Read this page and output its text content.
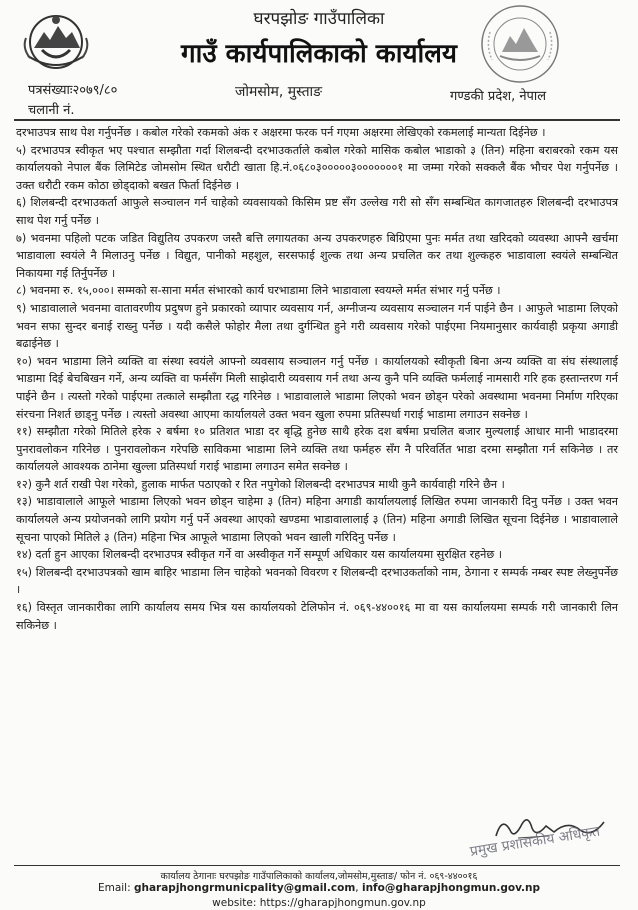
घरपझोङ गाउँपालिका
गाउँ कार्यपालिकाको कार्यालय
पत्रसंख्याः२०७९/८०
चलानी नं.
जोमसोम, मुस्ताङ	गण्डकी प्रदेश, नेपाल

दरभाउपत्र साथ पेश गर्नुपर्नेछ । कबोल गरेको रकमको अंक र अक्षरमा फरक पर्न गएमा अक्षरमा लेखिएको रकमलाई मान्यता दिईनेछ ।

५) दरभाउपत्र स्वीकृत भए पश्चात सम्झौता गर्दा शिलबन्दी दरभाउकर्ताले कबोल गरेको मासिक कबोल भाडाको ३ (तिन) महिना बराबरको रकम यस कार्यालयको नेपाल बैंक लिमिटेड जोमसोम स्थित धरौटी खाता हि.नं.०६८०३०००००३०००००००१ मा जम्मा गरेको सक्कलै बैंक भौचर पेश गर्नुपर्नेछ । उक्त धरौटी रकम कोठा छोड्दाको बखत फिर्ता दिईनेछ ।

६) शिलबन्दी दरभाउकर्ता आफुले सञ्चालन गर्न चाहेको व्यवसायको किसिम प्रष्ट सँग उल्लेख गरी सो सँग सम्बन्धित कागजातहरु शिलबन्दी दरभाउपत्र साथ पेश गर्नु पर्नेछ ।

७) भवनमा पहिलो पटक जडित विद्युतिय उपकरण जस्तै बत्ति लगायतका अन्य उपकरणहरु बिग्रिएमा पुनः मर्मत तथा खरिदको व्यवस्था आफ्नै खर्चमा भाडावाला स्वयंले नै मिलाउनु पर्नेछ । विद्युत, पानीको महशुल, सरसफाई शुल्क तथा अन्य प्रचलित कर तथा शुल्कहरु भाडावाला स्वयंले सम्बन्धित निकायमा गई तिर्नुपर्नेछ ।

८) भवनमा रु. १५,०००। सम्मको स-साना मर्मत संभारको कार्य घरभाडामा लिने भाडावाला स्वयम्ले मर्मत संभार गर्नु पर्नेछ ।

९) भाडावालाले भवनमा वातावरणीय प्रदुषण हुने प्रकारको व्यापार व्यवसाय गर्न, अग्नीजन्य व्यवसाय सञ्चालन गर्न पाईने छैन । आफुले भाडामा लिएको भवन सफा सुन्दर बनाई राख्नु पर्नेछ । यदी कसैले फोहोर मैला तथा दुर्गन्धित हुने गरी व्यवसाय गरेको पाईएमा नियमानुसार कार्यवाही प्रकृया अगाडी बढाईनेछ ।

१०) भवन भाडामा लिने व्यक्ति वा संस्था स्वयंले आफ्नो व्यवसाय सञ्चालन गर्नु पर्नेछ । कार्यालयको स्वीकृती बिना अन्य व्यक्ति वा संघ संस्थालाई भाडामा दिई बेचबिखन गर्ने, अन्य व्यक्ति वा फर्मसँग मिली साझेदारी व्यवसाय गर्न तथा अन्य कुनै पनि व्यक्ति फर्मलाई नामसारी गरि हक हस्तान्तरण गर्न पाईने छैन । त्यस्तो गरेको पाईएमा तत्काले सम्झौता रद्ध गरिनेछ । भाडावालाले भाडामा लिएको भवन छोड्न परेको अवस्थामा भवनमा निर्माण गरिएका संरचना निशर्त छाड्नु पर्नेछ । त्यस्तो अवस्था आएमा कार्यालयले उक्त भवन खुला रुपमा प्रतिस्पर्धा गराई भाडामा लगाउन सक्नेछ ।

११) सम्झौता गरेको मितिले हरेक २ बर्षमा १० प्रतिशत भाडा दर बृद्धि हुनेछ साथै हरेक दश बर्षमा प्रचलित बजार मुल्यलाई आधार मानी भाडादरमा पुनरावलोकन गरिनेछ । पुनरावलोकन गरेपछि साविकमा भाडामा लिने व्यक्ति तथा फर्महरु सँग नै परिवर्तित भाडा दरमा सम्झौता गर्न सकिनेछ । तर कार्यालयले आवश्यक ठानेमा खुल्ला प्रतिस्पर्धा गराई भाडामा लगाउन समेत सक्नेछ ।

१२) कुनै शर्त राखी पेश गरेको, हुलाक मार्फत पठाएको र रित नपुगेको शिलबन्दी दरभाउपत्र माथी कुनै कार्यवाही गरिने छैन ।

१३) भाडावालाले आफूले भाडामा लिएको भवन छोड्न चाहेमा ३ (तिन) महिना अगाडी कार्यालयलाई लिखित रुपमा जानकारी दिनु पर्नेछ । उक्त भवन कार्यालयले अन्य प्रयोजनको लागि प्रयोग गर्नु पर्ने अवस्था आएको खण्डमा भाडावालालाई ३ (तिन) महिना अगाडी लिखित सूचना दिईनेछ । भाडावालाले सूचना पाएको मितिले ३ (तिन) महिना भित्र आफूले भाडामा लिएको भवन खाली गरिदिनु पर्नेछ ।

१४) दर्ता हुन आएका शिलबन्दी दरभाउपत्र स्वीकृत गर्ने वा अस्वीकृत गर्ने सम्पूर्ण अधिकार यस कार्यालयमा सुरक्षित रहनेछ ।

१५) शिलबन्दी दरभाउपत्रको खाम बाहिर भाडामा लिन चाहेको भवनको विवरण र शिलबन्दी दरभाउकर्ताको नाम, ठेगाना र सम्पर्क नम्बर स्पष्ट लेख्नुपर्नेछ ।

१६) विस्तृत जानकारीका लागि कार्यालय समय भित्र यस कार्यालयको टेलिफोन नं. ०६९-४४००१६ मा वा यस कार्यालयमा सम्पर्क गरी जानकारी लिन सकिनेछ ।

प्रमुख प्रशासकीय अधिकृत
कार्यालय ठेगानाः घरपझोङ गाउँपालिकाको कार्यालय,जोमसोम,मुस्ताङ/ फोन नं. ०६९-४४००१६
Email: gharapjhongrmunicpality@gmail.com, info@gharapjhongmun.gov.np
website: https://gharapjhongmun.gov.np
